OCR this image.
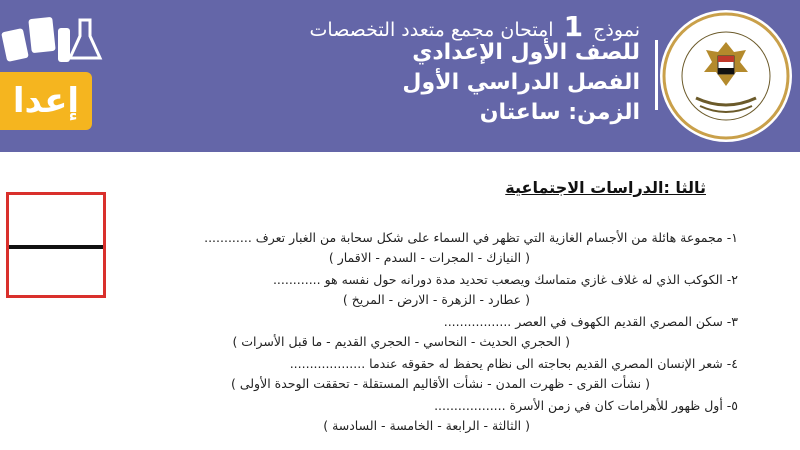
نموذج 1 امتحان مجمع متعدد التخصصات
للصف الأول الإعدادي
الفصل الدراسي الأول
الزمن: ساعتان
إعدا
ثالثا :الدراسات الاجتماعية
١- مجموعة هائلة من الأجسام الغازية التي تظهر في السماء على شكل سحابة من الغبار تعرف ............
( النيازك - المجرات - السدم - الاقمار )
٢- الكوكب الذي له غلاف غازي متماسك ويصعب تحديد مدة دورانه حول نفسه هو ............
( عطارد - الزهرة - الارض - المريخ )
٣- سكن المصري القديم الكهوف في العصر .................
( الحجري الحديث - النحاسي - الحجري القديم - ما قبل الأسرات )
٤- شعر الإنسان المصري القديم بحاجته الى نظام يحفظ له حقوقه عندما ...................
( نشأت القرى - ظهرت المدن - نشأت الأقاليم المستقلة - تحققت الوحدة الأولى )
٥- أول ظهور للأهرامات كان في زمن الأسرة ..................
( الثالثة - الرابعة - الخامسة - السادسة )
